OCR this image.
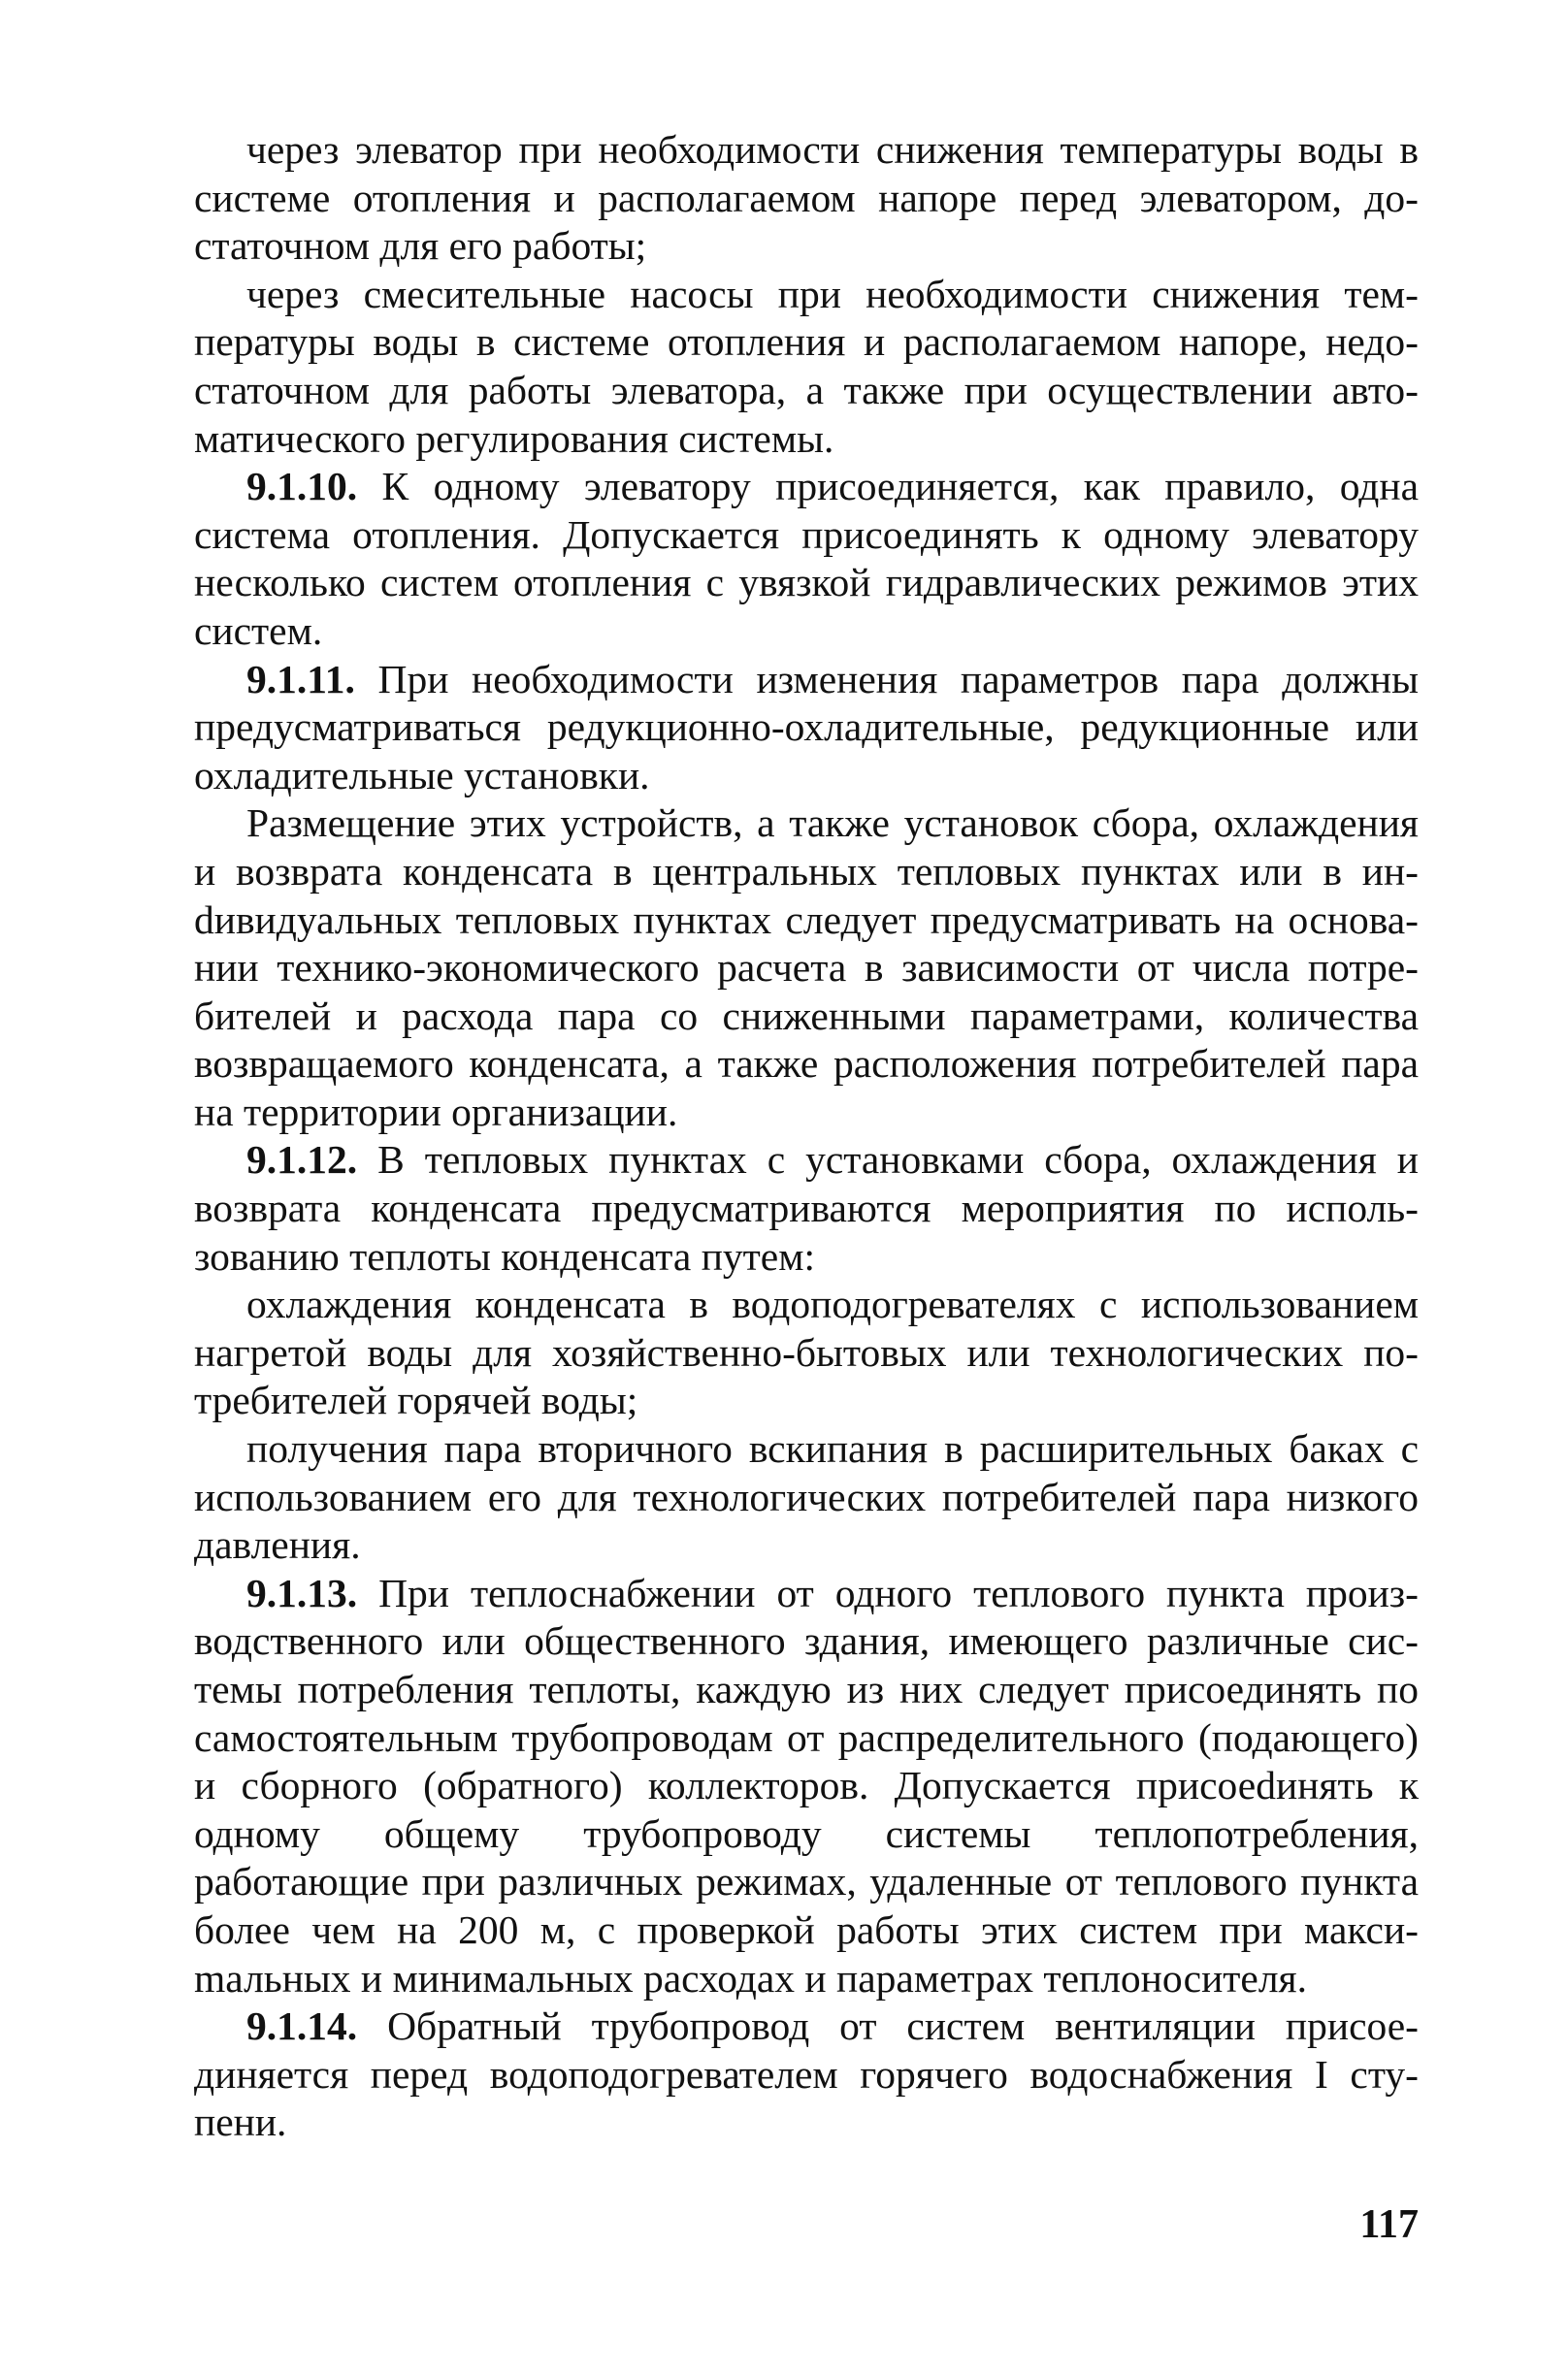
через элеватор при необходимости снижения температуры воды в системе отопления и располагаемом напоре перед элеватором, достаточном для его работы;

через смесительные насосы при необходимости снижения температуры воды в системе отопления и располагаемом напоре, недостаточном для работы элеватора, а также при осуществлении автоматического регулирования системы.

9.1.10. К одному элеватору присоединяется, как правило, одна система отопления. Допускается присоединять к одному элеватору несколько систем отопления с увязкой гидравлических режимов этих систем.

9.1.11. При необходимости изменения параметров пара должны предусматриваться редукционно-охладительные, редукционные или охладительные установки.

Размещение этих устройств, а также установок сбора, охлаждения и возврата конденсата в центральных тепловых пунктах или в инdивидуальных тепловых пунктах следует предусматривать на основании технико-экономического расчета в зависимости от числа потребителей и расхода пара со сниженными параметрами, количества возвращаемого конденсата, а также расположения потребителей пара на территории организации.

9.1.12. В тепловых пунктах с установками сбора, охлаждения и возврата конденсата предусматриваются мероприятия по использованию теплоты конденсата путем:

охлаждения конденсата в водоподогревателях с использованием нагретой воды для хозяйственно-бытовых или технологических потребителей горячей воды;

получения пара вторичного вскипания в расширительных баках с использованием его для технологических потребителей пара низкого давления.

9.1.13. При теплоснабжении от одного теплового пункта производственного или общественного здания, имеющего различные системы потребления теплоты, каждую из них следует присоединять по самостоятельным трубопроводам от распределительного (подающего) и сборного (обратного) коллекторов. Допускается присоеdинять к одному общему трубопроводу системы теплопотребления, работающие при различных режимах, удаленные от теплового пункта более чем на 200 м, с проверкой работы этих систем при максиmальных и минимальных расходах и параметрах теплоносителя.

9.1.14. Обратный трубопровод от систем вентиляции присоединяется перед водоподогревателем горячего водоснабжения I ступени.

117
